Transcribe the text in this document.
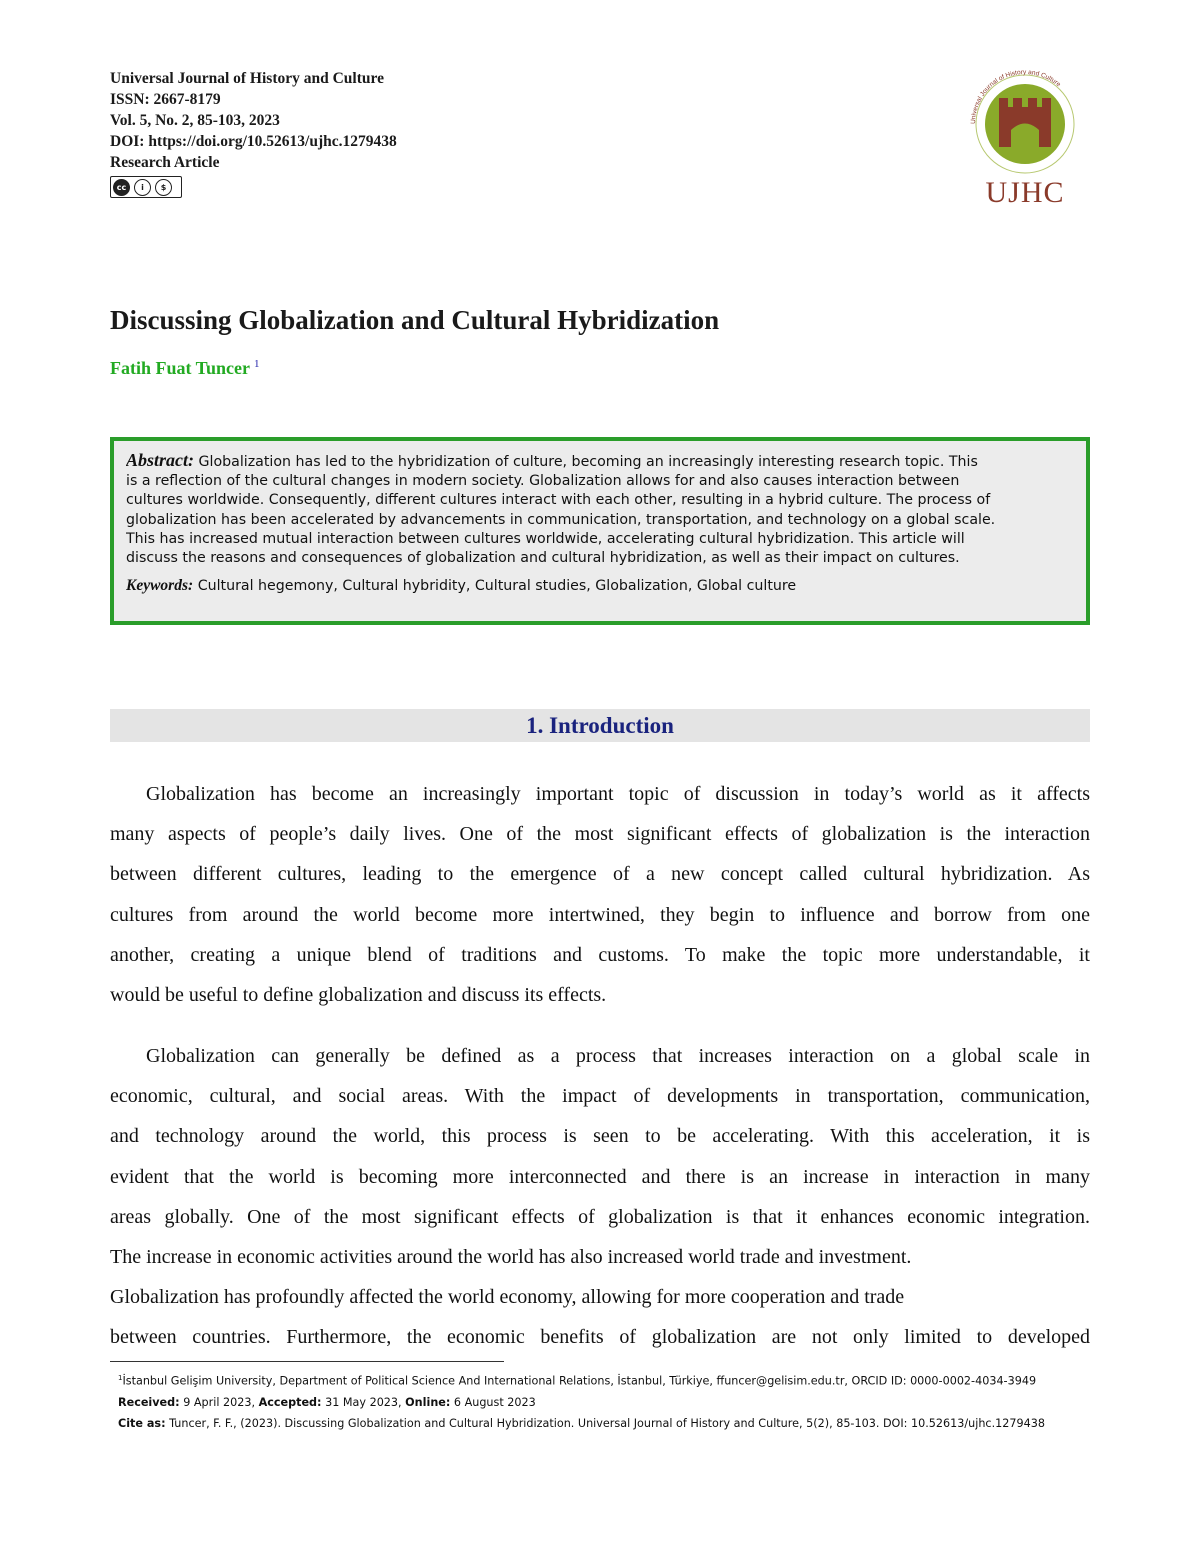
Universal Journal of History and Culture
ISSN: 2667-8179
Vol. 5, No. 2, 85-103, 2023
DOI: https://doi.org/10.52613/ujhc.1279438
Research Article
cc	i	$
Universal Journal of History and Culture
UJHC
Discussing Globalization and Cultural Hybridization
Fatih Fuat Tuncer $^1$
Abstract: Globalization has led to the hybridization of culture, becoming an increasingly interesting research topic. This
is a reflection of the cultural changes in modern society. Globalization allows for and also causes interaction between
cultures worldwide. Consequently, different cultures interact with each other, resulting in a hybrid culture. The process of
globalization has been accelerated by advancements in communication, transportation, and technology on a global scale.
This has increased mutual interaction between cultures worldwide, accelerating cultural hybridization. This article will
discuss the reasons and consequences of globalization and cultural hybridization, as well as their impact on cultures.
Keywords: Cultural hegemony, Cultural hybridity, Cultural studies, Globalization, Global culture
1. Introduction
Globalization has become an increasingly important topic of discussion in today’s world as it affects
many aspects of people’s daily lives. One of the most significant effects of globalization is the interaction
between different cultures, leading to the emergence of a new concept called cultural hybridization. As
cultures from around the world become more intertwined, they begin to influence and borrow from one
another, creating a unique blend of traditions and customs. To make the topic more understandable, it
would be useful to define globalization and discuss its effects.
Globalization can generally be defined as a process that increases interaction on a global scale in
economic, cultural, and social areas. With the impact of developments in transportation, communication,
and technology around the world, this process is seen to be accelerating. With this acceleration, it is
evident that the world is becoming more interconnected and there is an increase in interaction in many
areas globally. One of the most significant effects of globalization is that it enhances economic integration.
The increase in economic activities around the world has also increased world trade and investment.
Globalization has profoundly affected the world economy, allowing for more cooperation and trade
between countries. Furthermore, the economic benefits of globalization are not only limited to developed
$^1$İstanbul Gelişim University, Department of Political Science And International Relations, İstanbul, Türkiye, ffuncer@gelisim.edu.tr, ORCID ID: 0000-0002-4034-3949
Received: 9 April 2023, Accepted: 31 May 2023, Online: 6 August 2023
Cite as: Tuncer, F. F., (2023). Discussing Globalization and Cultural Hybridization. Universal Journal of History and Culture, 5(2), 85-103. DOI: 10.52613/ujhc.1279438
